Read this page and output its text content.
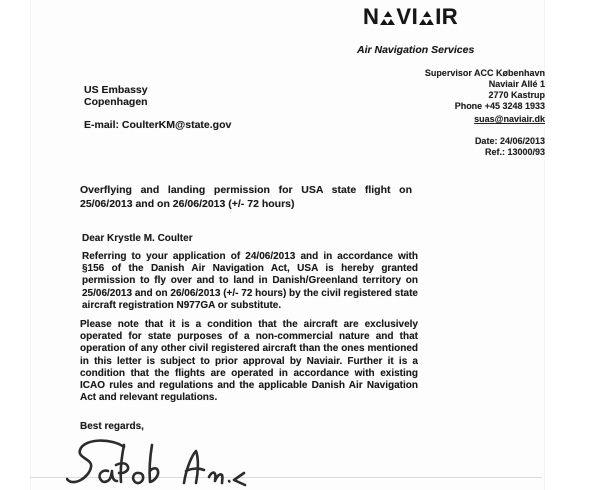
N VI IR
Air Navigation Services
Supervisor ACC København
Naviair Allé 1
2770 Kastrup
Phone +45 3248 1933
suas@naviair.dk
Date: 24/06/2013
Ref.: 13000/93
US Embassy
Copenhagen
E-mail: CoulterKM@state.gov
Overflying and landing permission for USA state flight on 25/06/2013 and on 26/06/2013 (+/- 72 hours)
Dear Krystle M. Coulter
Referring to your application of 24/06/2013 and in accordance with §156 of the Danish Air Navigation Act, USA is hereby granted permission to fly over and to land in Danish/Greenland territory on 25/06/2013 and on 26/06/2013 (+/- 72 hours) by the civil registered state aircraft registration N977GA or substitute.
Please note that it is a condition that the aircraft are exclusively operated for state purposes of a non-commercial nature and that operation of any other civil registered aircraft than the ones mentioned in this letter is subject to prior approval by Naviair. Further it is a condition that the flights are operated in accordance with existing ICAO rules and regulations and the applicable Danish Air Navigation Act and relevant regulations.
Best regards,
